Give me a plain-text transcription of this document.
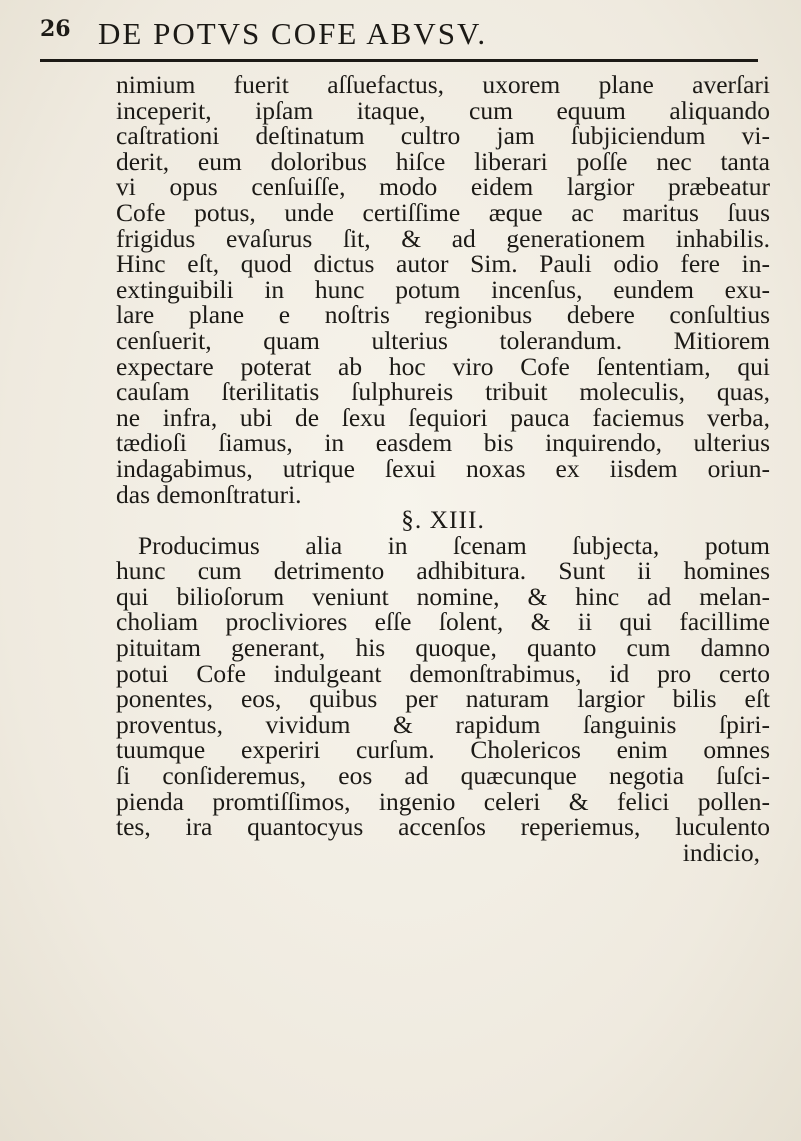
26 DE POTVS COFE ABVSV.
nimium fuerit aſſuefactus, uxorem plane averſari
inceperit, ipſam itaque, cum equum aliquando
caſtrationi deſtinatum cultro jam ſubjiciendum vi-
derit, eum doloribus hiſce liberari poſſe nec tanta
vi opus cenſuiſſe, modo eidem largior præbeatur
Cofe potus, unde certiſſime æque ac maritus ſuus
frigidus evaſurus ſit, & ad generationem inhabilis.
Hinc eſt, quod dictus autor Sim. Pauli odio fere in-
extinguibili in hunc potum incenſus, eundem exu-
lare plane e noſtris regionibus debere conſultius
cenſuerit, quam ulterius tolerandum. Mitiorem
expectare poterat ab hoc viro Cofe ſententiam, qui
cauſam ſterilitatis ſulphureis tribuit moleculis, quas,
ne infra, ubi de ſexu ſequiori pauca faciemus verba,
tædioſi ſiamus, in easdem bis inquirendo, ulterius
indagabimus, utrique ſexui noxas ex iisdem oriun-
das demonſtraturi.
§. XIII.
Producimus alia in ſcenam ſubjecta, potum
hunc cum detrimento adhibitura. Sunt ii homines
qui bilioſorum veniunt nomine, & hinc ad melan-
choliam procliviores eſſe ſolent, & ii qui facillime
pituitam generant, his quoque, quanto cum damno
potui Cofe indulgeant demonſtrabimus, id pro certo
ponentes, eos, quibus per naturam largior bilis eſt
proventus, vividum & rapidum ſanguinis ſpiri-
tuumque experiri curſum. Cholericos enim omnes
ſi conſideremus, eos ad quæcunque negotia ſuſci-
pienda promtiſſimos, ingenio celeri & felici pollen-
tes, ira quantocyus accenſos reperiemus, luculento
indicio,
